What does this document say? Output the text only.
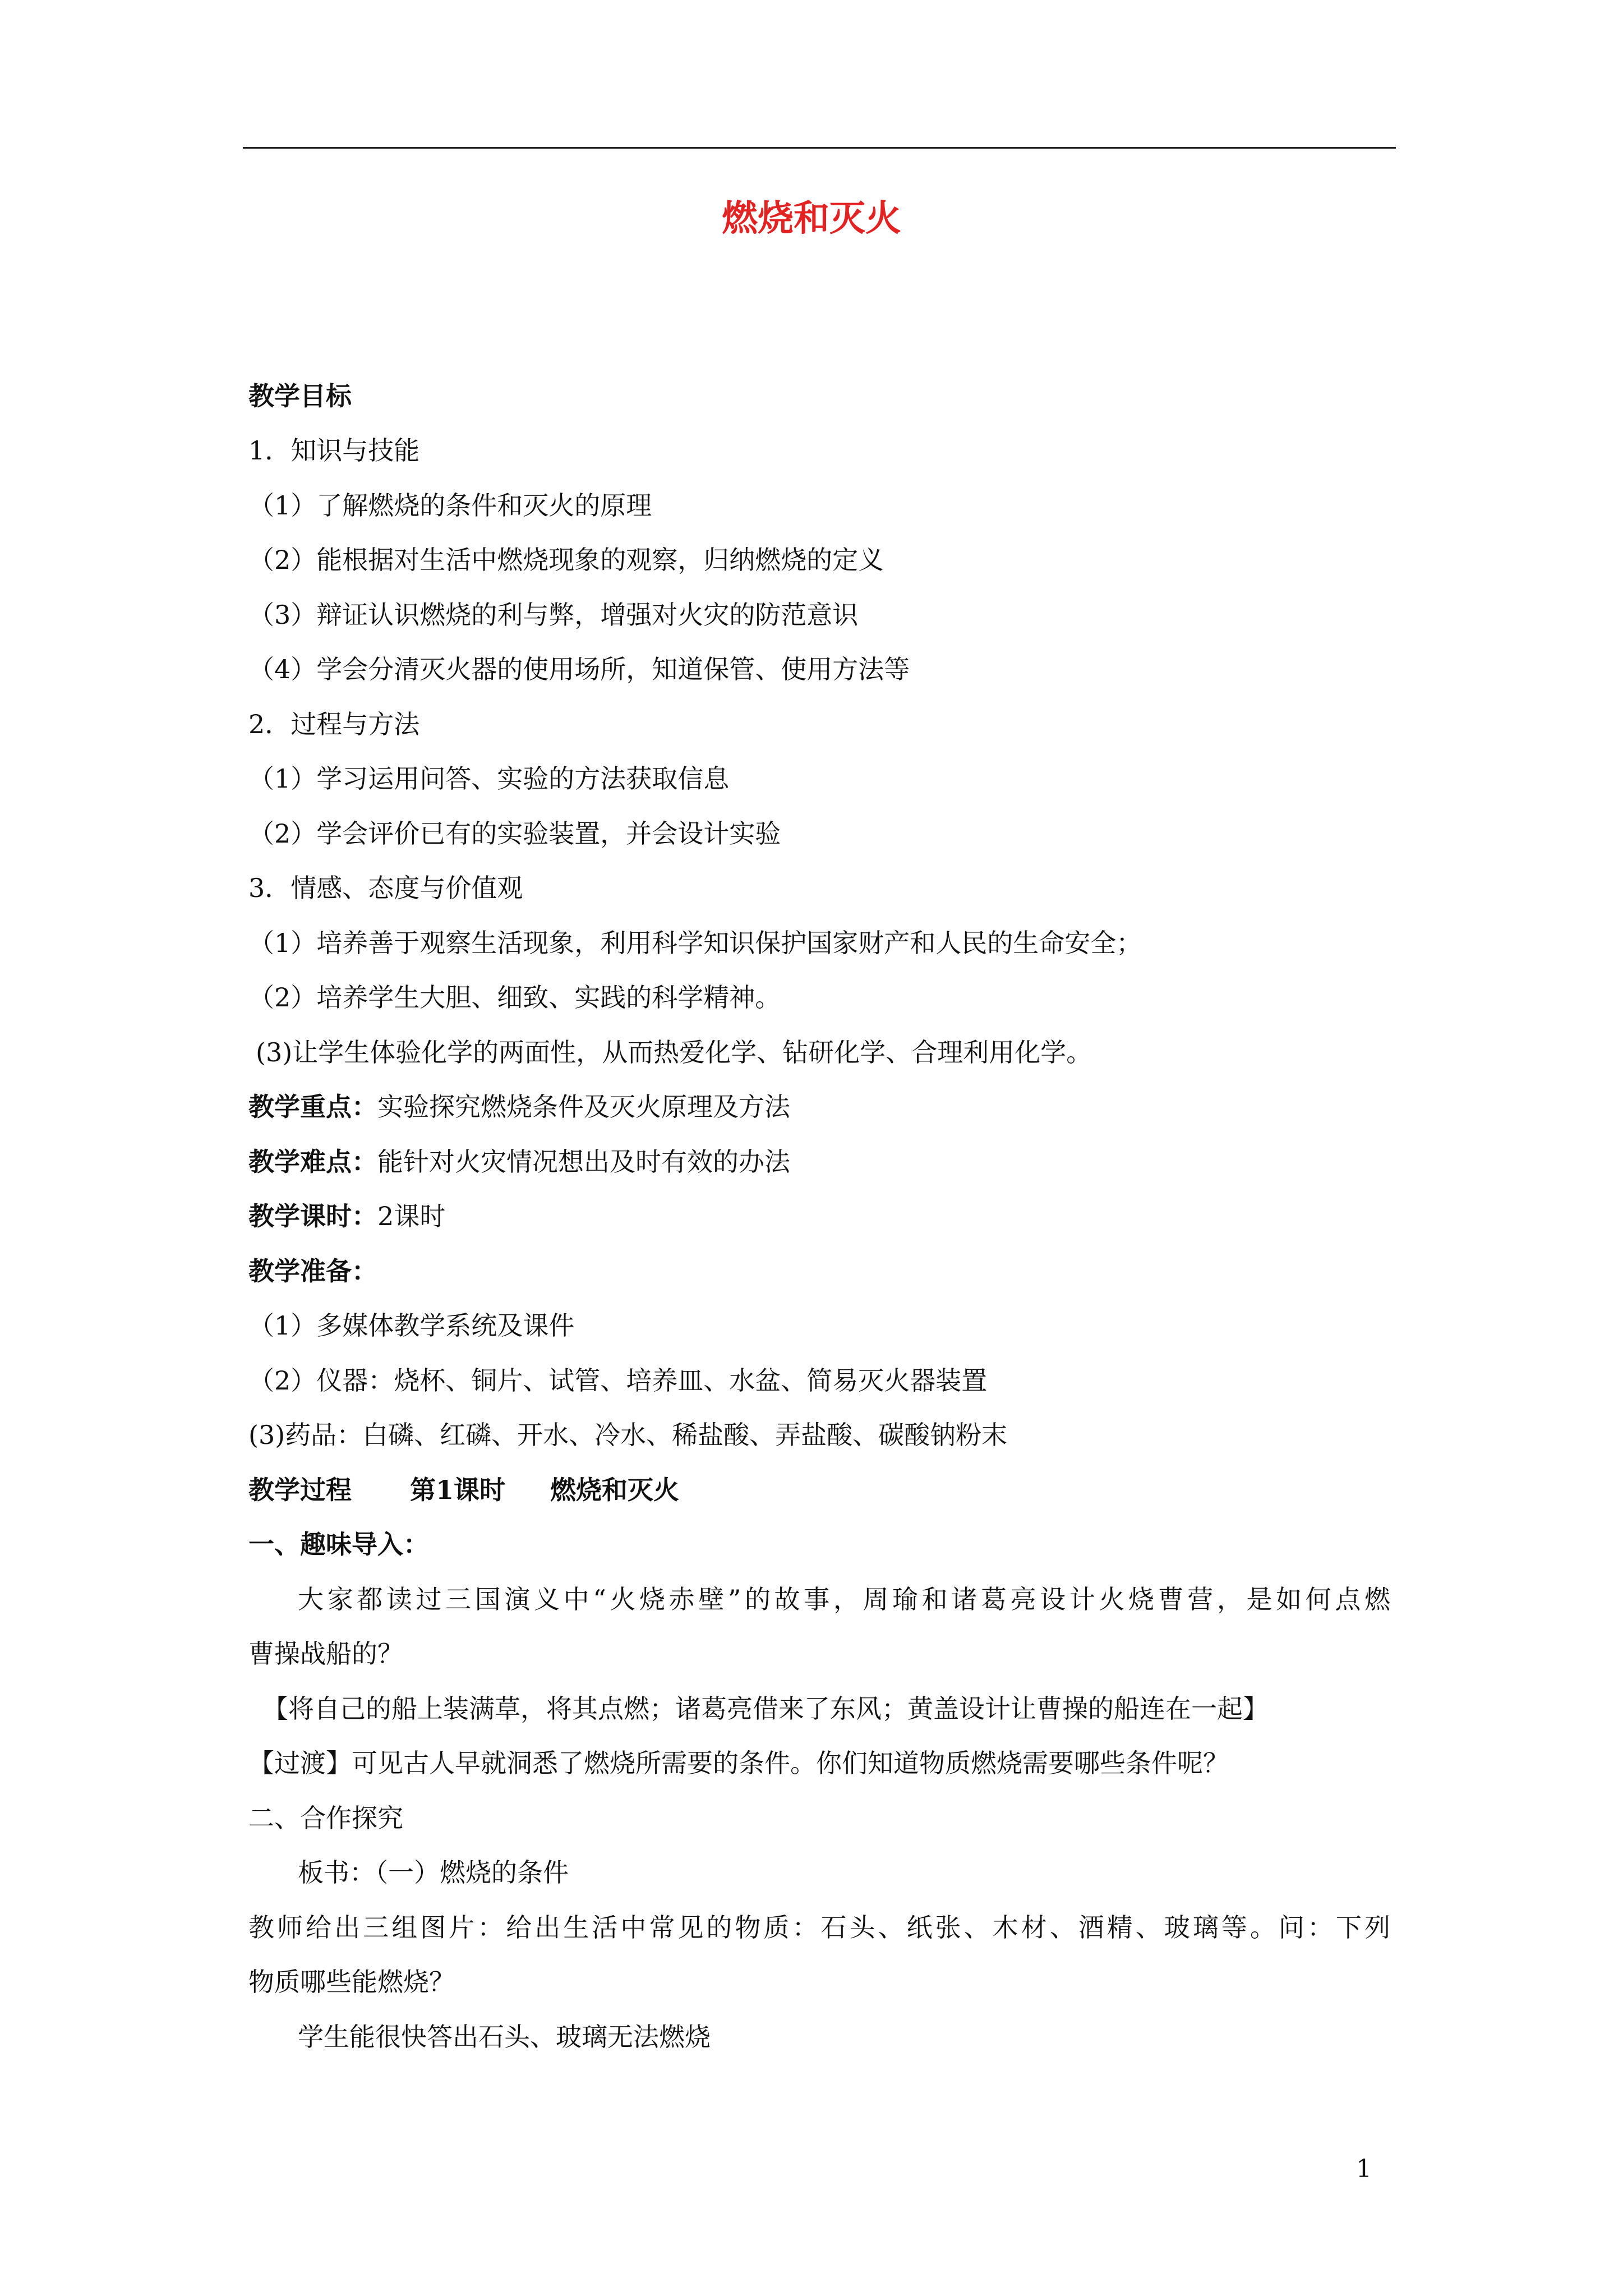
燃烧和灭火
教学目标
1．知识与技能
（1）了解燃烧的条件和灭火的原理
（2）能根据对生活中燃烧现象的观察，归纳燃烧的定义
（3）辩证认识燃烧的利与弊，增强对火灾的防范意识
（4）学会分清灭火器的使用场所，知道保管、使用方法等
2．过程与方法
（1）学习运用问答、实验的方法获取信息
（2）学会评价已有的实验装置，并会设计实验
3．情感、态度与价值观
（1）培养善于观察生活现象，利用科学知识保护国家财产和人民的生命安全；
（2）培养学生大胆、细致、实践的科学精神。
(3)让学生体验化学的两面性，从而热爱化学、钻研化学、合理利用化学。
教学重点：实验探究燃烧条件及灭火原理及方法
教学难点：能针对火灾情况想出及时有效的办法
教学课时：2课时
教学准备：
（1）多媒体教学系统及课件
（2）仪器：烧杯、铜片、试管、培养皿、水盆、简易灭火器装置
(3)药品：白磷、红磷、开水、冷水、稀盐酸、弄盐酸、碳酸钠粉末
教学过程 第1课时 燃烧和灭火
一、趣味导入：
大家都读过三国演义中“火烧赤壁”的故事，周瑜和诸葛亮设计火烧曹营，是如何点燃
曹操战船的？
【将自己的船上装满草，将其点燃；诸葛亮借来了东风；黄盖设计让曹操的船连在一起】
【过渡】可见古人早就洞悉了燃烧所需要的条件。你们知道物质燃烧需要哪些条件呢？
二、合作探究
板书：（一）燃烧的条件
教师给出三组图片：给出生活中常见的物质：石头、纸张、木材、酒精、玻璃等。问：下列
物质哪些能燃烧？
学生能很快答出石头、玻璃无法燃烧
1
